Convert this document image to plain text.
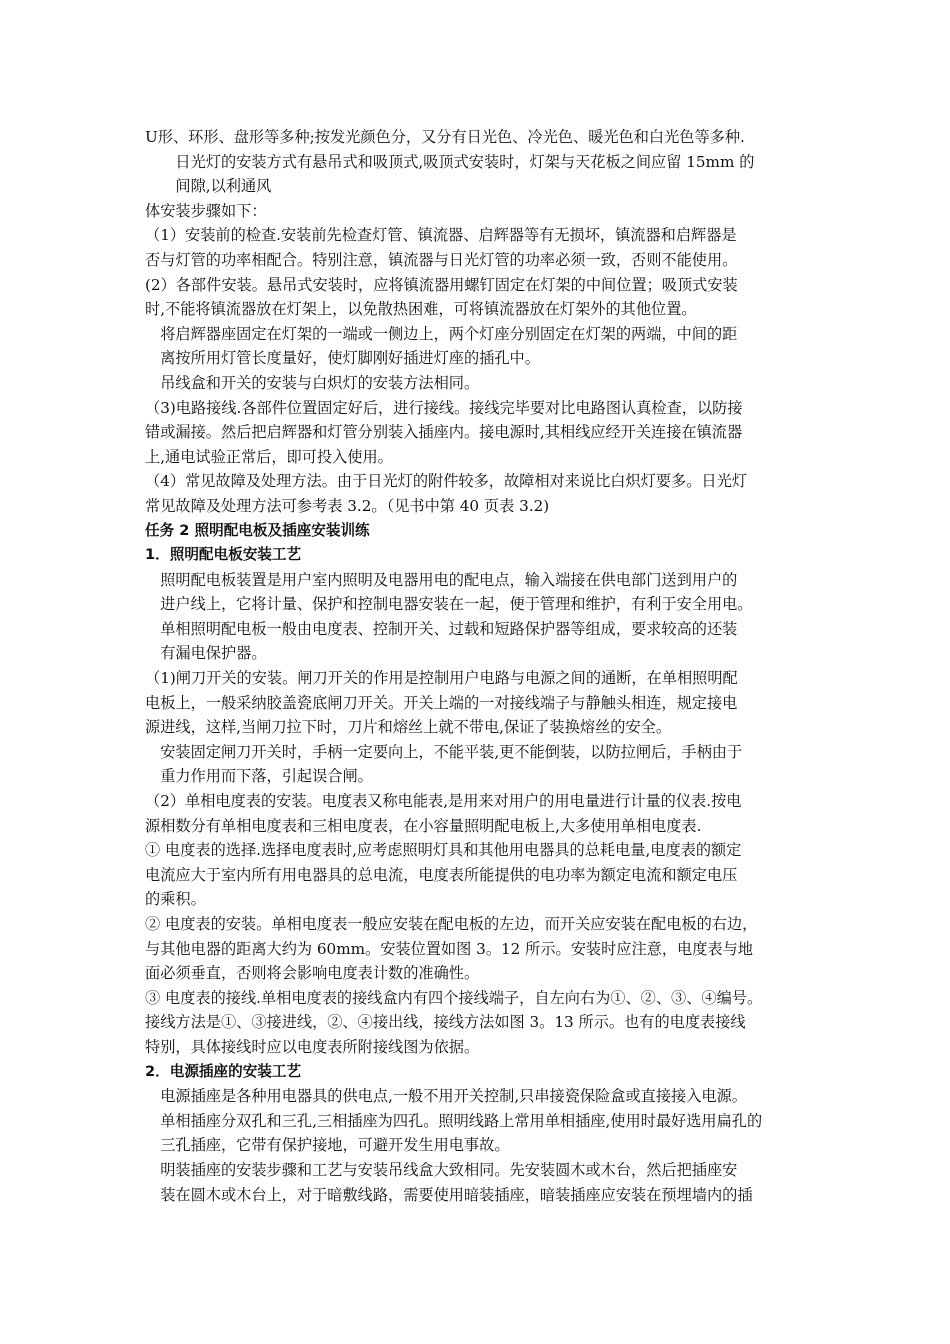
U形、环形、盘形等多种;按发光颜色分，又分有日光色、冷光色、暖光色和白光色等多种.

日光灯的安装方式有悬吊式和吸顶式,吸顶式安装时，灯架与天花板之间应留 15mm 的
间隙,以利通风

体安装步骤如下：

（1）安装前的检查.安装前先检查灯管、镇流器、启辉器等有无损坏，镇流器和启辉器是
否与灯管的功率相配合。特别注意，镇流器与日光灯管的功率必须一致，否则不能使用。

(2）各部件安装。悬吊式安装时，应将镇流器用螺钉固定在灯架的中间位置；吸顶式安装
时,不能将镇流器放在灯架上，以免散热困难，可将镇流器放在灯架外的其他位置。

将启辉器座固定在灯架的一端或一侧边上，两个灯座分别固定在灯架的两端，中间的距
离按所用灯管长度量好，使灯脚刚好插进灯座的插孔中。

吊线盒和开关的安装与白炽灯的安装方法相同。

（3)电路接线.各部件位置固定好后，进行接线。接线完毕要对比电路图认真检查，以防接
错或漏接。然后把启辉器和灯管分别装入插座内。接电源时,其相线应经开关连接在镇流器
上,通电试验正常后，即可投入使用。

（4）常见故障及处理方法。由于日光灯的附件较多，故障相对来说比白炽灯要多。日光灯
常见故障及处理方法可参考表 3.2。（见书中第 40 页表 3.2)

任务 2 照明配电板及插座安装训练

1．照明配电板安装工艺

照明配电板装置是用户室内照明及电器用电的配电点，输入端接在供电部门送到用户的
进户线上，它将计量、保护和控制电器安装在一起，便于管理和维护，有利于安全用电。

单相照明配电板一般由电度表、控制开关、过载和短路保护器等组成，要求较高的还装
有漏电保护器。

（1)闸刀开关的安装。闸刀开关的作用是控制用户电路与电源之间的通断，在单相照明配
电板上，一般采纳胶盖瓷底闸刀开关。开关上端的一对接线端子与静触头相连，规定接电
源进线，这样,当闸刀拉下时，刀片和熔丝上就不带电,保证了装换熔丝的安全。

安装固定闸刀开关时，手柄一定要向上，不能平装,更不能倒装，以防拉闸后，手柄由于
重力作用而下落，引起误合闸。

（2）单相电度表的安装。电度表又称电能表,是用来对用户的用电量进行计量的仪表.按电
源相数分有单相电度表和三相电度表，在小容量照明配电板上,大多使用单相电度表.

① 电度表的选择.选择电度表时,应考虑照明灯具和其他用电器具的总耗电量,电度表的额定
电流应大于室内所有用电器具的总电流，电度表所能提供的电功率为额定电流和额定电压
的乘积。

② 电度表的安装。单相电度表一般应安装在配电板的左边，而开关应安装在配电板的右边，
与其他电器的距离大约为 60mm。安装位置如图 3。12 所示。安装时应注意，电度表与地
面必须垂直，否则将会影响电度表计数的准确性。

③ 电度表的接线.单相电度表的接线盒内有四个接线端子，自左向右为①、②、③、④编号。
接线方法是①、③接进线，②、④接出线，接线方法如图 3。13 所示。也有的电度表接线
特别，具体接线时应以电度表所附接线图为依据。

2．电源插座的安装工艺

电源插座是各种用电器具的供电点,一般不用开关控制,只串接瓷保险盒或直接接入电源。
单相插座分双孔和三孔,三相插座为四孔。照明线路上常用单相插座,使用时最好选用扁孔的
三孔插座，它带有保护接地，可避开发生用电事故。

明装插座的安装步骤和工艺与安装吊线盒大致相同。先安装圆木或木台，然后把插座安
装在圆木或木台上，对于暗敷线路，需要使用暗装插座，暗装插座应安装在预埋墙内的插
